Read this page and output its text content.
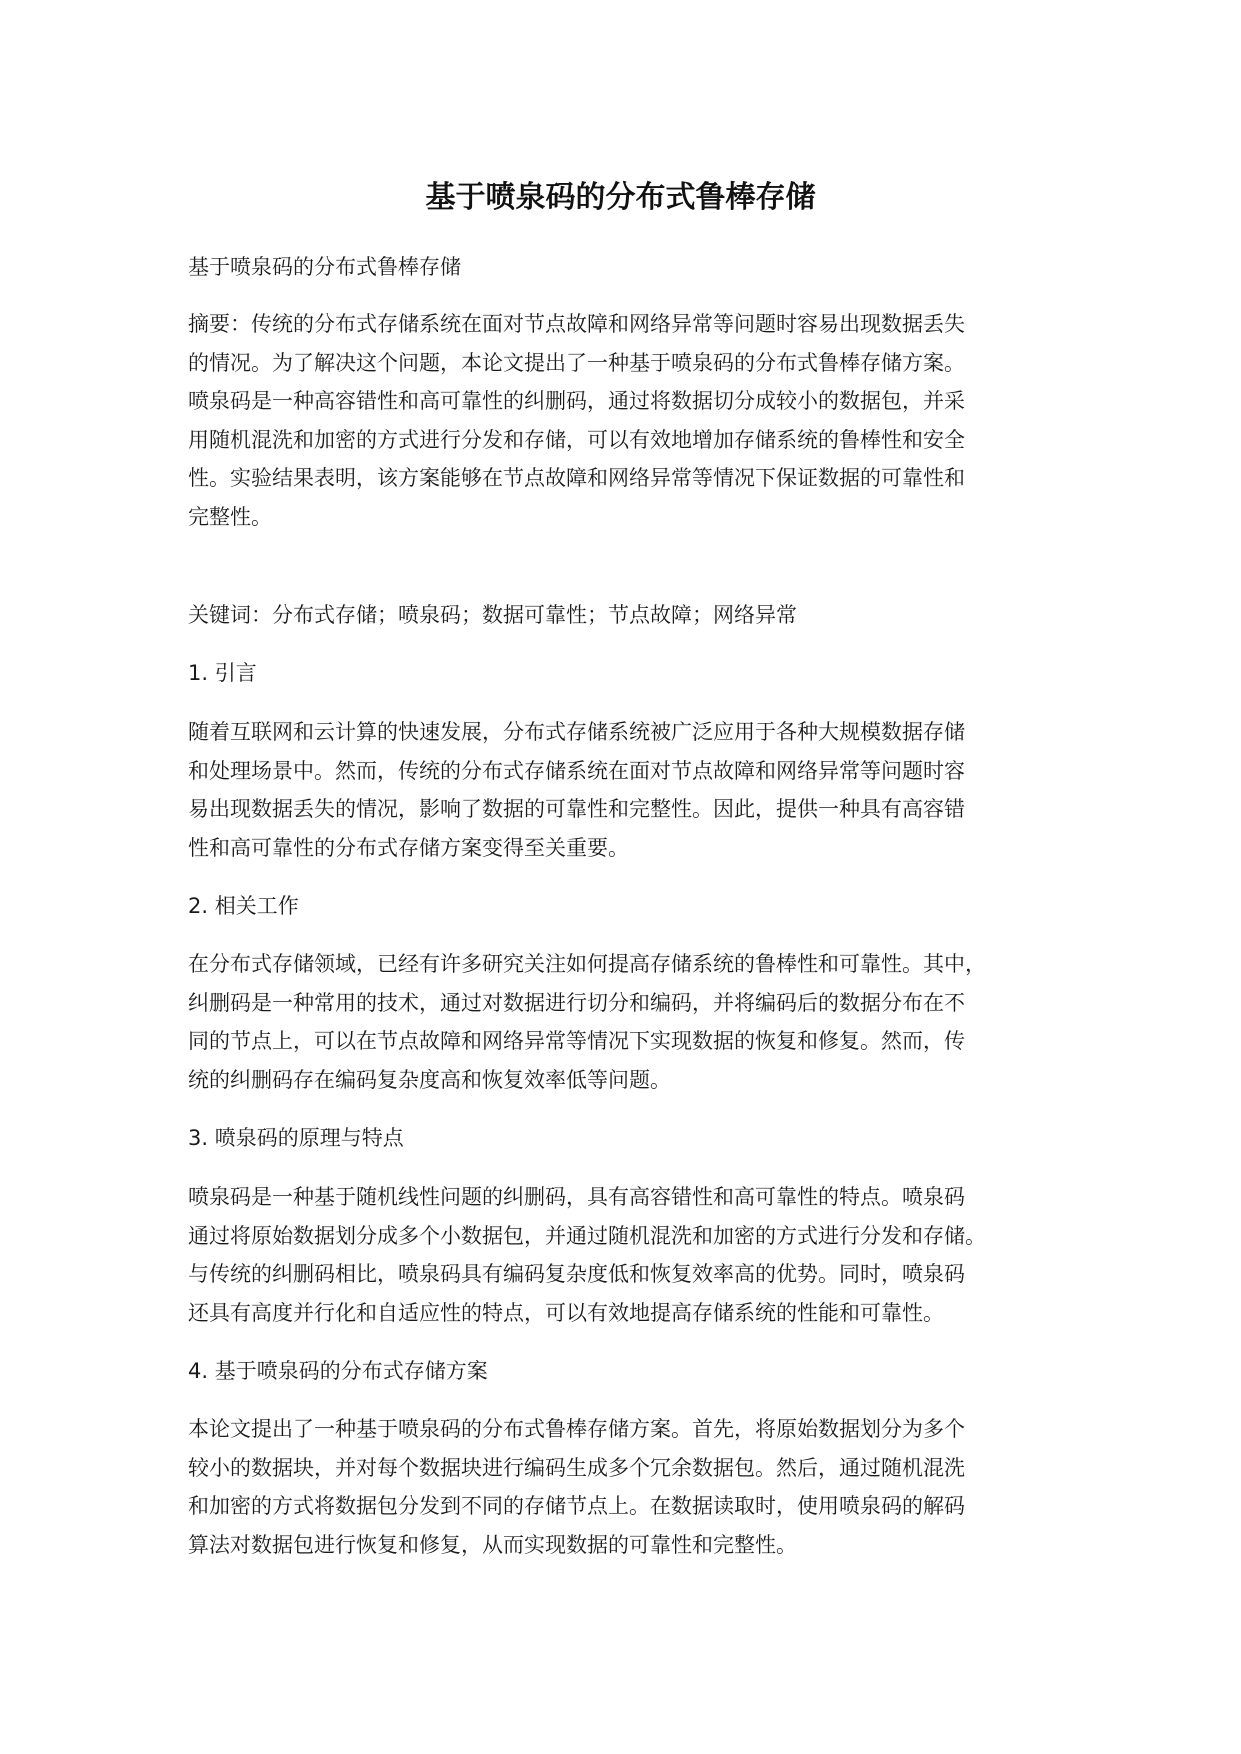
基于喷泉码的分布式鲁棒存储

基于喷泉码的分布式鲁棒存储

摘要：传统的分布式存储系统在面对节点故障和网络异常等问题时容易出现数据丢失
的情况。为了解决这个问题，本论文提出了一种基于喷泉码的分布式鲁棒存储方案。
喷泉码是一种高容错性和高可靠性的纠删码，通过将数据切分成较小的数据包，并采
用随机混洗和加密的方式进行分发和存储，可以有效地增加存储系统的鲁棒性和安全
性。实验结果表明，该方案能够在节点故障和网络异常等情况下保证数据的可靠性和
完整性。

关键词：分布式存储；喷泉码；数据可靠性；节点故障；网络异常

1. 引言

随着互联网和云计算的快速发展，分布式存储系统被广泛应用于各种大规模数据存储
和处理场景中。然而，传统的分布式存储系统在面对节点故障和网络异常等问题时容
易出现数据丢失的情况，影响了数据的可靠性和完整性。因此，提供一种具有高容错
性和高可靠性的分布式存储方案变得至关重要。

2. 相关工作

在分布式存储领域，已经有许多研究关注如何提高存储系统的鲁棒性和可靠性。其中，
纠删码是一种常用的技术，通过对数据进行切分和编码，并将编码后的数据分布在不
同的节点上，可以在节点故障和网络异常等情况下实现数据的恢复和修复。然而，传
统的纠删码存在编码复杂度高和恢复效率低等问题。

3. 喷泉码的原理与特点

喷泉码是一种基于随机线性问题的纠删码，具有高容错性和高可靠性的特点。喷泉码
通过将原始数据划分成多个小数据包，并通过随机混洗和加密的方式进行分发和存储。
与传统的纠删码相比，喷泉码具有编码复杂度低和恢复效率高的优势。同时，喷泉码
还具有高度并行化和自适应性的特点，可以有效地提高存储系统的性能和可靠性。

4. 基于喷泉码的分布式存储方案

本论文提出了一种基于喷泉码的分布式鲁棒存储方案。首先，将原始数据划分为多个
较小的数据块，并对每个数据块进行编码生成多个冗余数据包。然后，通过随机混洗
和加密的方式将数据包分发到不同的存储节点上。在数据读取时，使用喷泉码的解码
算法对数据包进行恢复和修复，从而实现数据的可靠性和完整性。
